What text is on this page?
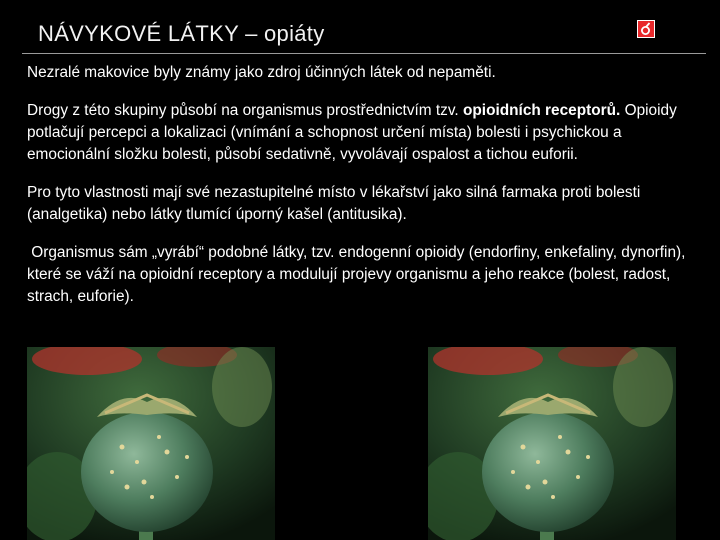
NÁVYKOVÉ LÁTKY – opiáty

Nezralé makovice byly známy jako zdroj účinných látek od nepaměti.

Drogy z této skupiny působí na organismus prostřednictvím tzv. opioidních receptorů. Opioidy potlačují percepci a lokalizaci (vnímání a schopnost určení místa) bolesti i psychickou a emocionální složku bolesti, působí sedativně, vyvolávají ospalost a tichou euforii.

Pro tyto vlastnosti mají své nezastupitelné místo v lékařství jako silná farmaka proti bolesti (analgetika) nebo látky tlumící úporný kašel (antitusika).

Organismus sám „vyrábí“ podobné látky, tzv. endogenní opioidy (endorfiny, enkefaliny, dynorfin), které se váží na opioidní receptory a modulují projevy organismu a jeho reakce (bolest, radost, strach, euforie).
